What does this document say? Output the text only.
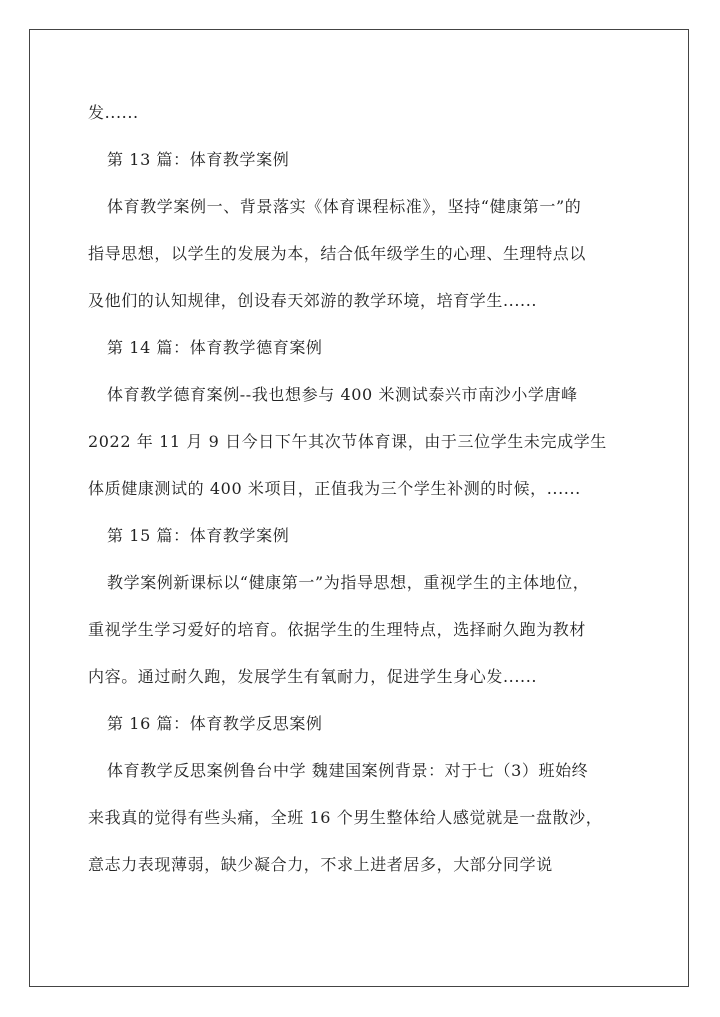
发......
第 13 篇：体育教学案例
体育教学案例一、背景落实《体育课程标准》，坚持“健康第一”的
指导思想，以学生的发展为本，结合低年级学生的心理、生理特点以
及他们的认知规律，创设春天郊游的教学环境，培育学生......
第 14 篇：体育教学德育案例
体育教学德育案例--我也想参与 400 米测试泰兴市南沙小学唐峰
2022 年 11 月 9 日今日下午其次节体育课，由于三位学生未完成学生
体质健康测试的 400 米项目，正值我为三个学生补测的时候，......
第 15 篇：体育教学案例
教学案例新课标以“健康第一”为指导思想，重视学生的主体地位，
重视学生学习爱好的培育。依据学生的生理特点，选择耐久跑为教材
内容。通过耐久跑，发展学生有氧耐力，促进学生身心发......
第 16 篇：体育教学反思案例
体育教学反思案例鲁台中学 魏建国案例背景：对于七（3）班始终
来我真的觉得有些头痛，全班 16 个男生整体给人感觉就是一盘散沙，
意志力表现薄弱，缺少凝合力，不求上进者居多，大部分同学说
